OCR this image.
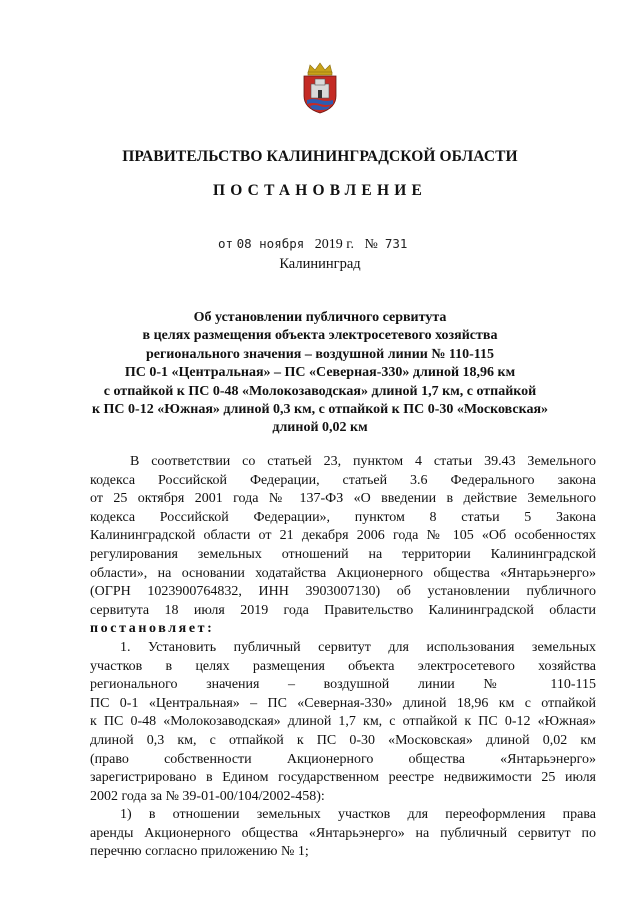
ПРАВИТЕЛЬСТВО КАЛИНИНГРАДСКОЙ ОБЛАСТИ
ПОСТАНОВЛЕНИЕ
от 08 ноября 2019 г. № 731
Калининград
Об установлении публичного сервитута
в целях размещения объекта электросетевого хозяйства
регионального значения – воздушной линии № 110-115
ПС 0-1 «Центральная» – ПС «Северная-330» длиной 18,96 км
с отпайкой к ПС 0-48 «Молокозаводская» длиной 1,7 км, с отпайкой
к ПС 0-12 «Южная» длиной 0,3 км, с отпайкой к ПС 0-30 «Московская»
длиной 0,02 км
В соответствии со статьей 23, пунктом 4 статьи 39.43 Земельного
кодекса Российской Федерации, статьей 3.6 Федерального закона
от 25 октября 2001 года № 137-ФЗ «О введении в действие Земельного
кодекса Российской Федерации», пунктом 8 статьи 5 Закона
Калининградской области от 21 декабря 2006 года № 105 «Об особенностях
регулирования земельных отношений на территории Калининградской
области», на основании ходатайства Акционерного общества «Янтарьэнерго»
(ОГРН 1023900764832, ИНН 3903007130) об установлении публичного
сервитута 18 июля 2019 года Правительство Калининградской области
постановляет:
1. Установить публичный сервитут для использования земельных
участков в целях размещения объекта электросетевого хозяйства
регионального значения – воздушной линии № 110-115
ПС 0-1 «Центральная» – ПС «Северная-330» длиной 18,96 км с отпайкой
к ПС 0-48 «Молокозаводская» длиной 1,7 км, с отпайкой к ПС 0-12 «Южная»
длиной 0,3 км, с отпайкой к ПС 0-30 «Московская» длиной 0,02 км
(право собственности Акционерного общества «Янтарьэнерго»
зарегистрировано в Едином государственном реестре недвижимости 25 июля
2002 года за № 39-01-00/104/2002-458):
1) в отношении земельных участков для переоформления права
аренды Акционерного общества «Янтарьэнерго» на публичный сервитут по
перечню согласно приложению № 1;
